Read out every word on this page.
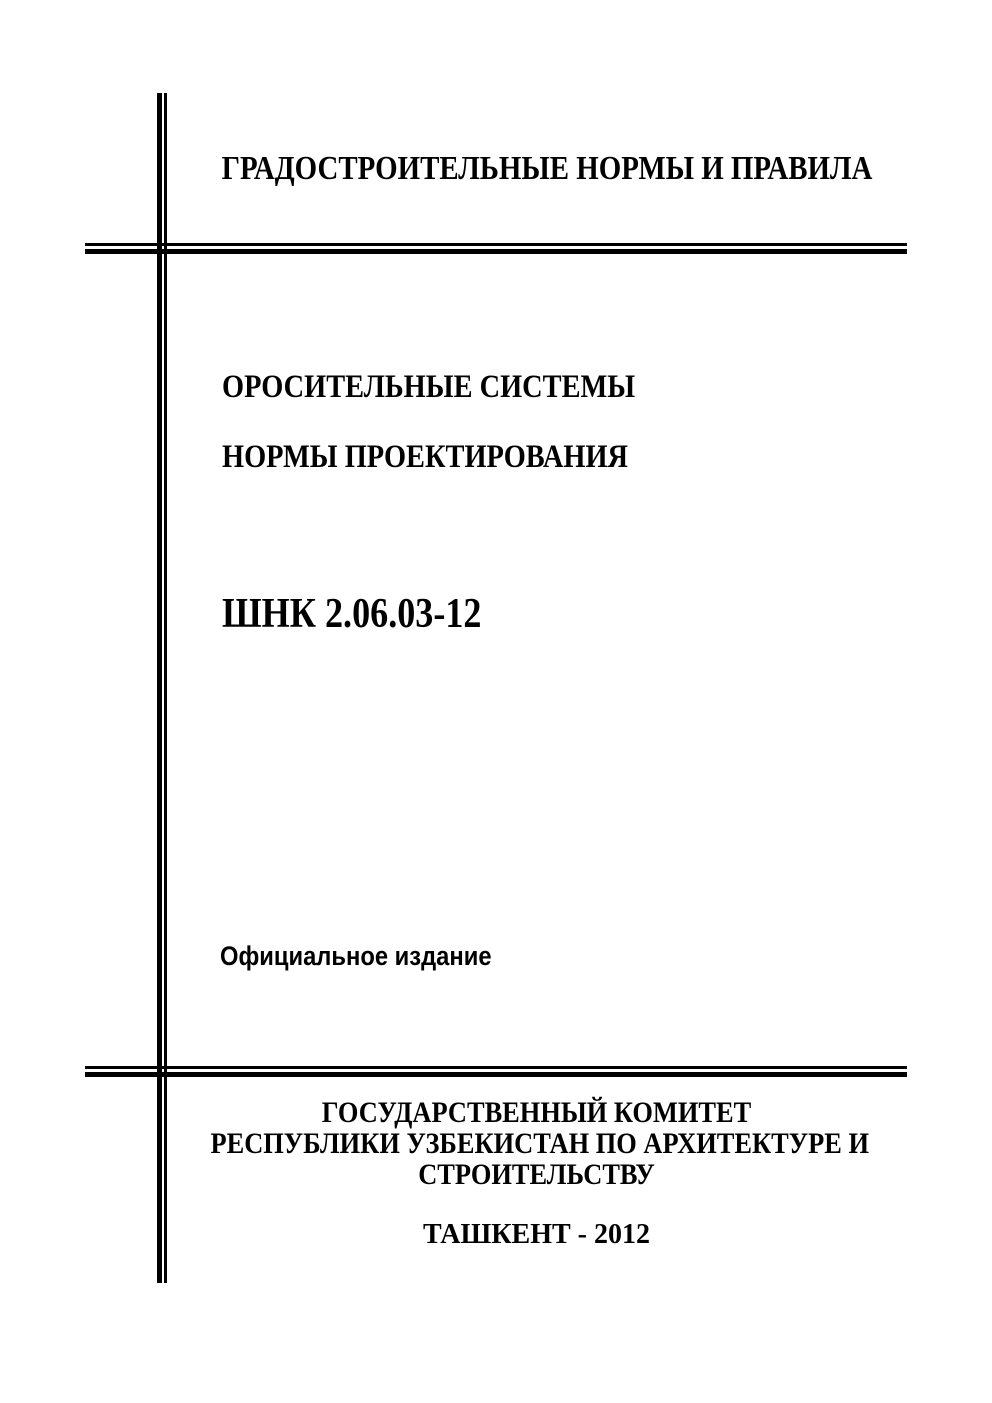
ГРАДОСТРОИТЕЛЬНЫЕ НОРМЫ И ПРАВИЛА
ОРОСИТЕЛЬНЫЕ СИСТЕМЫ
НОРМЫ ПРОЕКТИРОВАНИЯ
ШНК 2.06.03-12
Официальное издание
ГОСУДАРСТВЕННЫЙ КОМИТЕТ
РЕСПУБЛИКИ УЗБЕКИСТАН ПО АРХИТЕКТУРЕ И
СТРОИТЕЛЬСТВУ
ТАШКЕНТ - 2012
